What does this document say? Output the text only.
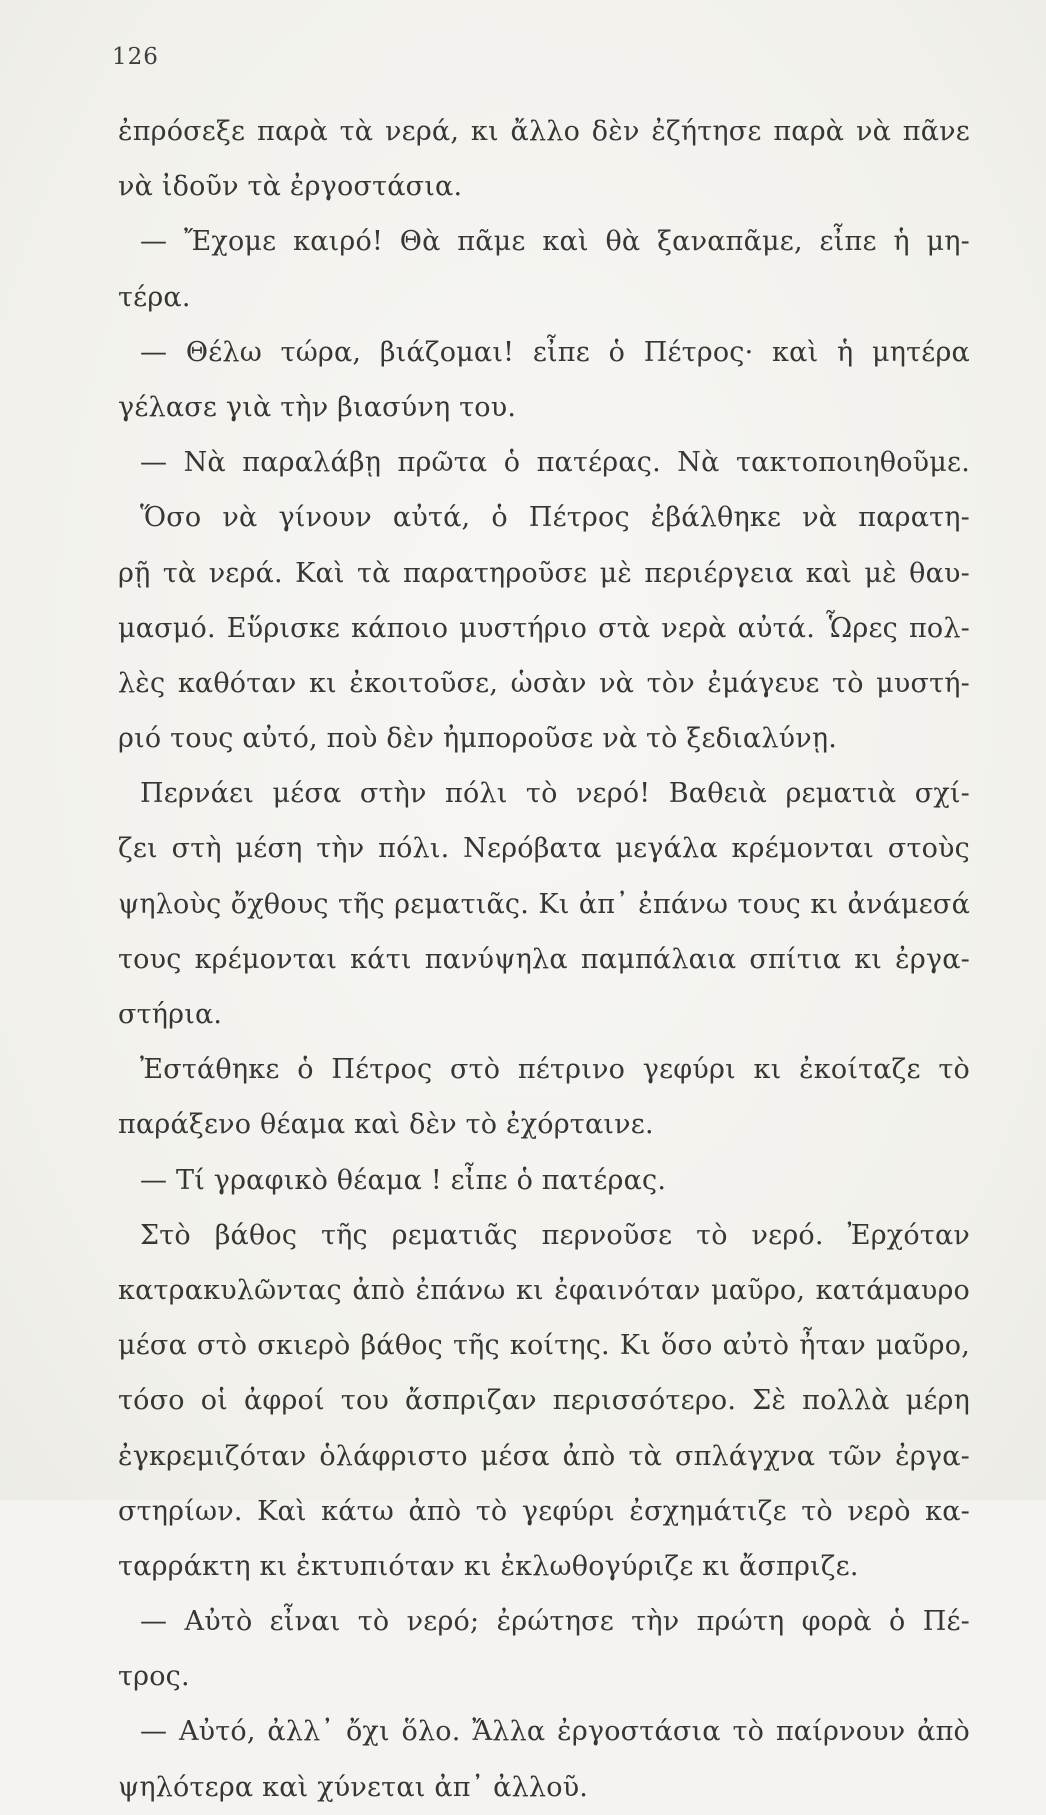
126
ἐπρόσεξε παρὰ τὰ νερά, κι ἄλλο δὲν ἐζήτησε παρὰ νὰ πᾶνε
νὰ ἰδοῦν τὰ ἐργοστάσια.
— Ἔχομε καιρό! Θὰ πᾶμε καὶ θὰ ξαναπᾶμε, εἶπε ἡ μη-
τέρα.
— Θέλω τώρα, βιάζομαι! εἶπε ὁ Πέτρος· καὶ ἡ μητέρα
γέλασε γιὰ τὴν βιασύνη του.
— Νὰ παραλάβῃ πρῶτα ὁ πατέρας. Νὰ τακτοποιηθοῦμε.
Ὅσο νὰ γίνουν αὐτά, ὁ Πέτρος ἐβάλθηκε νὰ παρατη-
ρῇ τὰ νερά. Καὶ τὰ παρατηροῦσε μὲ περιέργεια καὶ μὲ θαυ-
μασμό. Εὕρισκε κάποιο μυστήριο στὰ νερὰ αὐτά. Ὧρες πολ-
λὲς καθόταν κι ἐκοιτοῦσε, ὡσὰν νὰ τὸν ἐμάγευε τὸ μυστή-
ριό τους αὐτό, ποὺ δὲν ἠμποροῦσε νὰ τὸ ξεδιαλύνῃ.
Περνάει μέσα στὴν πόλι τὸ νερό! Βαθειὰ ρεματιὰ σχί-
ζει στὴ μέση τὴν πόλι. Νερόβατα μεγάλα κρέμονται στοὺς
ψηλοὺς ὄχθους τῆς ρεματιᾶς. Κι ἀπ᾿ ἐπάνω τους κι ἀνάμεσά
τους κρέμονται κάτι πανύψηλα παμπάλαια σπίτια κι ἐργα-
στήρια.
Ἐστάθηκε ὁ Πέτρος στὸ πέτρινο γεφύρι κι ἐκοίταζε τὸ
παράξενο θέαμα καὶ δὲν τὸ ἐχόρταινε.
— Τί γραφικὸ θέαμα ! εἶπε ὁ πατέρας.
Στὸ βάθος τῆς ρεματιᾶς περνοῦσε τὸ νερό. Ἐρχόταν
κατρακυλῶντας ἀπὸ ἐπάνω κι ἐφαινόταν μαῦρο, κατάμαυρο
μέσα στὸ σκιερὸ βάθος τῆς κοίτης. Κι ὅσο αὐτὸ ἦταν μαῦρο,
τόσο οἱ ἀφροί του ἄσπριζαν περισσότερο. Σὲ πολλὰ μέρη
ἐγκρεμιζόταν ὁλάφριστο μέσα ἀπὸ τὰ σπλάγχνα τῶν ἐργα-
στηρίων. Καὶ κάτω ἀπὸ τὸ γεφύρι ἐσχημάτιζε τὸ νερὸ κα-
ταρράκτη κι ἐκτυπιόταν κι ἐκλωθογύριζε κι ἄσπριζε.
— Αὐτὸ εἶναι τὸ νερό; ἐρώτησε τὴν πρώτη φορὰ ὁ Πέ-
τρος.
— Αὐτό, ἀλλ᾿ ὄχι ὅλο. Ἄλλα ἐργοστάσια τὸ παίρνουν ἀπὸ
ψηλότερα καὶ χύνεται ἀπ᾿ ἀλλοῦ.
